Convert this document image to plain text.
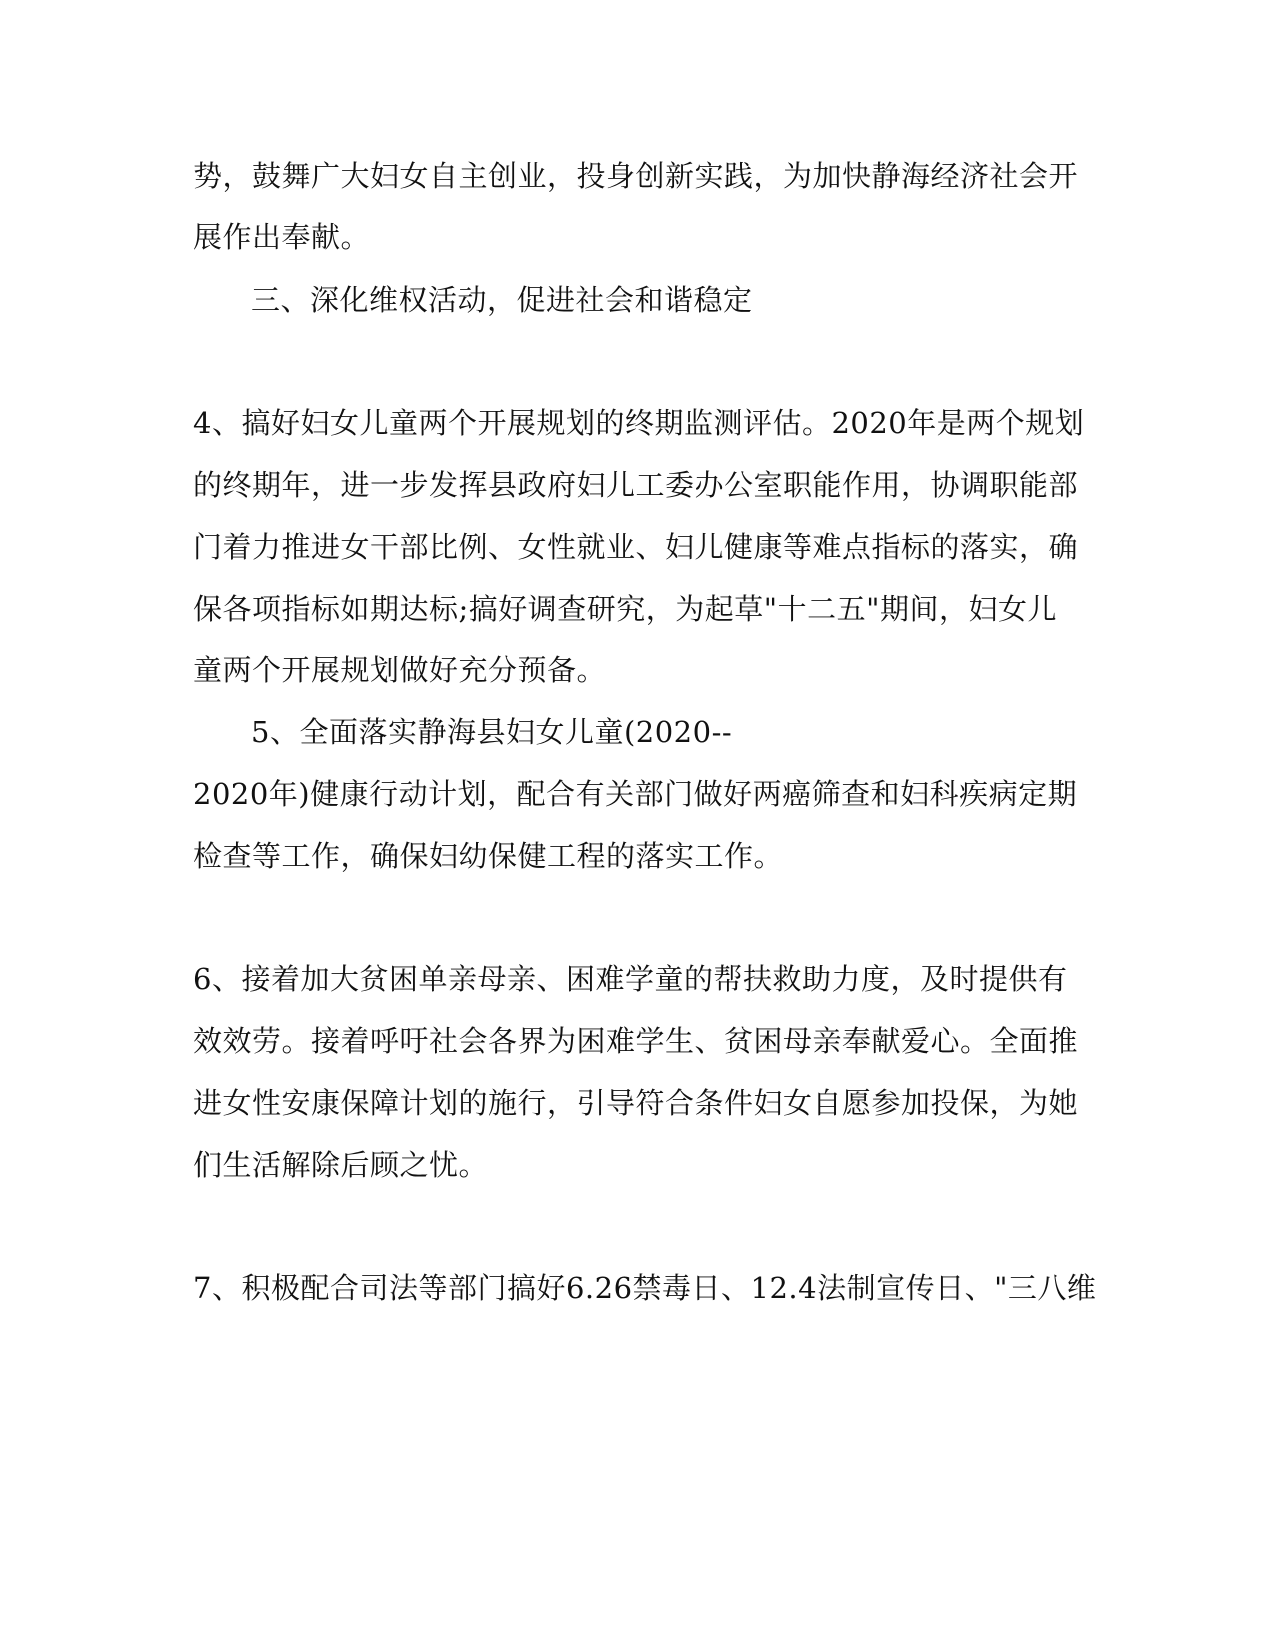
势，鼓舞广大妇女自主创业，投身创新实践，为加快静海经济社会开
展作出奉献。
三、深化维权活动，促进社会和谐稳定
4、搞好妇女儿童两个开展规划的终期监测评估。2020年是两个规划
的终期年，进一步发挥县政府妇儿工委办公室职能作用，协调职能部
门着力推进女干部比例、女性就业、妇儿健康等难点指标的落实，确
保各项指标如期达标;搞好调查研究，为起草"十二五"期间，妇女儿
童两个开展规划做好充分预备。
5、全面落实静海县妇女儿童(2020--
2020年)健康行动计划，配合有关部门做好两癌筛查和妇科疾病定期
检查等工作，确保妇幼保健工程的落实工作。
6、接着加大贫困单亲母亲、困难学童的帮扶救助力度，及时提供有
效效劳。接着呼吁社会各界为困难学生、贫困母亲奉献爱心。全面推
进女性安康保障计划的施行，引导符合条件妇女自愿参加投保，为她
们生活解除后顾之忧。
7、积极配合司法等部门搞好6.26禁毒日、12.4法制宣传日、"三八维
